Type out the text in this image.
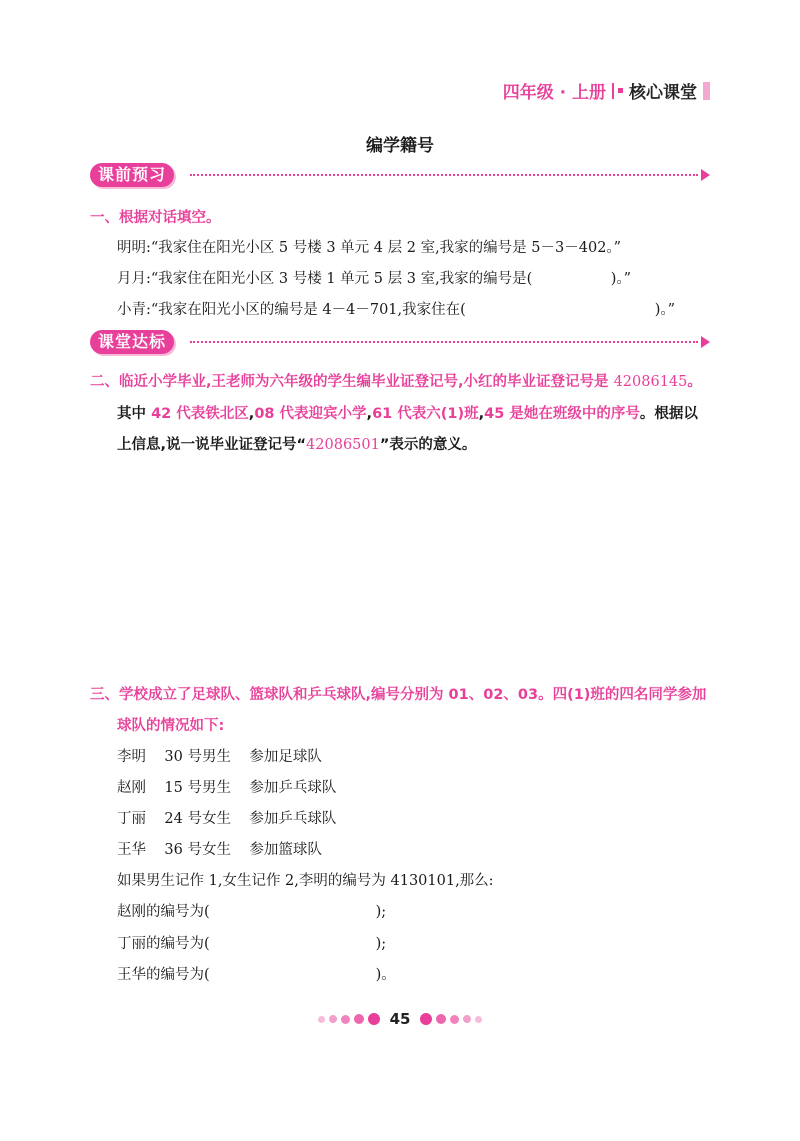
四年级 · 上册 核心课堂
编学籍号
课前预习
一、根据对话填空。
明明:“我家住在阳光小区 5 号楼 3 单元 4 层 2 室,我家的编号是 5－3－402。”
月月:“我家住在阳光小区 3 号楼 1 单元 5 层 3 室,我家的编号是(                 )。”
小青:“我家在阳光小区的编号是 4－4－701,我家住在(                                         )。”
课堂达标
二、临近小学毕业,王老师为六年级的学生编毕业证登记号,小红的毕业证登记号是 42086145。
其中 42 代表铁北区,08 代表迎宾小学,61 代表六(1)班,45 是她在班级中的序号。根据以
上信息,说一说毕业证登记号“42086501”表示的意义。
三、学校成立了足球队、篮球队和乒乓球队,编号分别为 01、02、03。四(1)班的四名同学参加
球队的情况如下:
李明    30 号男生    参加足球队
赵刚    15 号男生    参加乒乓球队
丁丽    24 号女生    参加乒乓球队
王华    36 号女生    参加篮球队
如果男生记作 1,女生记作 2,李明的编号为 4130101,那么:
赵刚的编号为(                                    );
丁丽的编号为(                                    );
王华的编号为(                                    )。
45
